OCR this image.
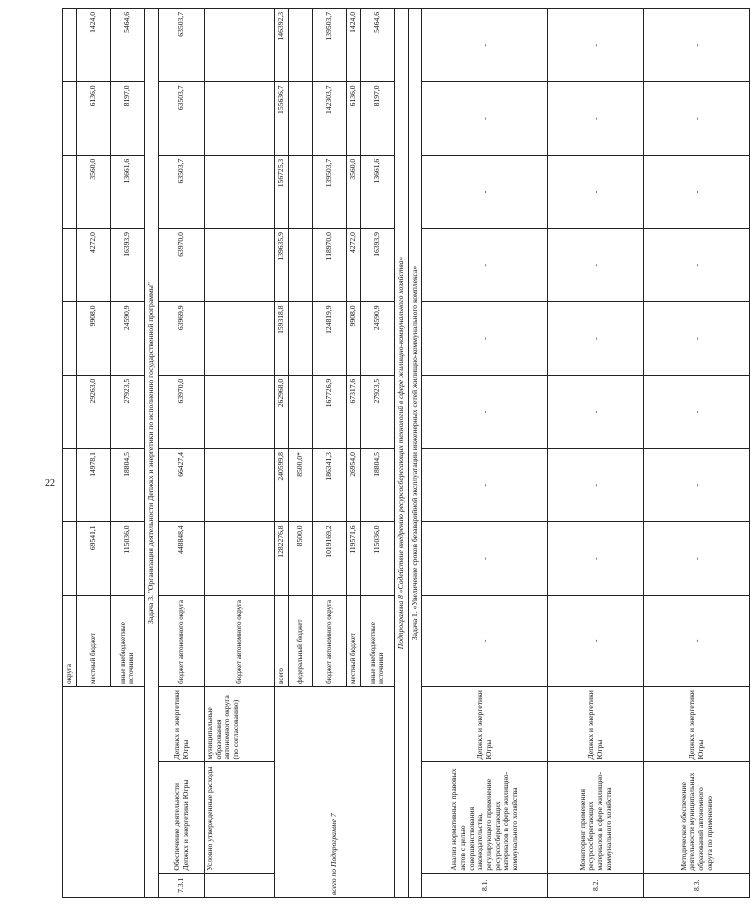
22
			округа								
			местный бюджет	69541,1	14978,1	29263,0	9908,0	4272,0	3560,0	6136,0	1424,0
			иные внебюджетные источники	115036,0	18804,5	27923,5	24590,9	16393,9	13661,6	8197,0	5464,6
Задача 3. "Организация деятельности Депжкх и энергетики по исполнению государственной программы"											
7.3.1	Обеспечение деятельности Депжкх и энергетики Югры	Депжкх и энергетики Югры	бюджет автономного округа	448848,4	66427,4	63970,0	63969,9	63970,0	63503,7	63503,7	63503,7
	Условно утвержденные расходы	муниципальные образования автономного округа (по согласованию)	бюджет автономного округа								
всего по Подпрограмме 7			всего	1282276,8	240599,8	262968,0	159318,8	139635,9	156725,3	155636,7	146392,3
			федеральный бюджет	8500,0	8500,0*						
			бюджет автономного округа	1019169,2	186341,3	167726,9	124819,9	118970,0	139503,7	142303,7	139503,7
			местный бюджет	119571,6	26954,0	67317,6	9908,0	4272,0	3560,0	6136,0	1424,0
			иные внебюджетные источники	115036,0	18804,5	27923,5	24590,9	16393,9	13661,6	8197,0	5464,6
Подпрограмма 8 «Содействие внедрению ресурсосберегающих технологий в сфере жилищно-коммунального хозяйства»											
Задача 1. «Увеличение сроков безаварийной эксплуатации инженерных сетей жилищно-коммунального комплекса»											
8.1.	Анализ нормативных правовых актов с целью совершенствования законодательства, регулирующего применение ресурсосберегающих материалов в сфере жилищно-коммунального хозяйства	Депжкх и энергетики Югры	-	-	-	-	-	-	-	-	-
8.2.	Мониторинг применения ресурсосберегающих материалов в сфере жилищно-коммунального хозяйства	Депжкх и энергетики Югры	-	-	-	-	-	-	-	-	-
8.3.	Методическое обеспечение деятельности муниципальных образований автономного округа по применению	Депжкх и энергетики Югры	-	-	-	-	-	-	-	-	-
